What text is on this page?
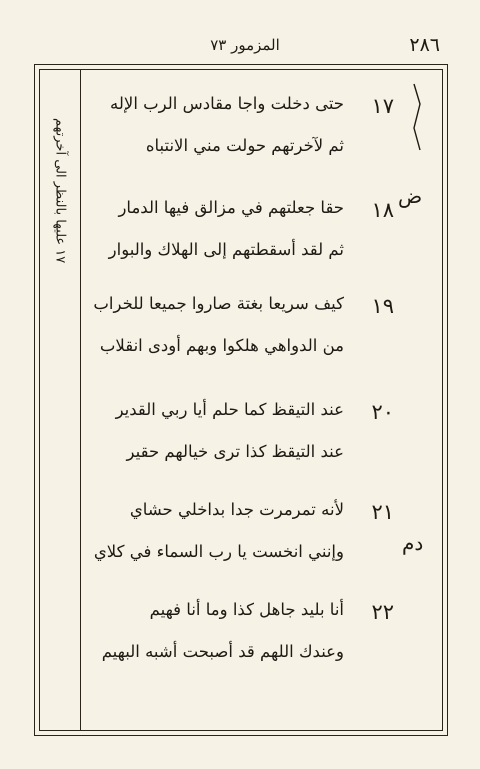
٢٨٦
المزمور ٧٣
١٧ عليها بالنظر الى آخرتهم	ض
دم
١٧
حتى دخلت واجا مقادس الرب الإله
ثم لآخرتهم حولت مني الانتباه
١٨
حقا جعلتهم في مزالق فيها الدمار
ثم لقد أسقطتهم إلى الهلاك والبوار
١٩
كيف سريعا بغتة صاروا جميعا للخراب
من الدواهي هلكوا وبهم أودى انقلاب
٢٠
عند التيقظ كما حلم أيا ربي القدير
عند التيقظ كذا ترى خيالهم حقير
٢١
لأنه تمرمرت جدا بداخلي حشاي
وإنني انخست يا رب السماء في كلاي
٢٢
أنا بليد جاهل كذا وما أنا فهيم
وعندك اللهم قد أصبحت أشبه البهيم
